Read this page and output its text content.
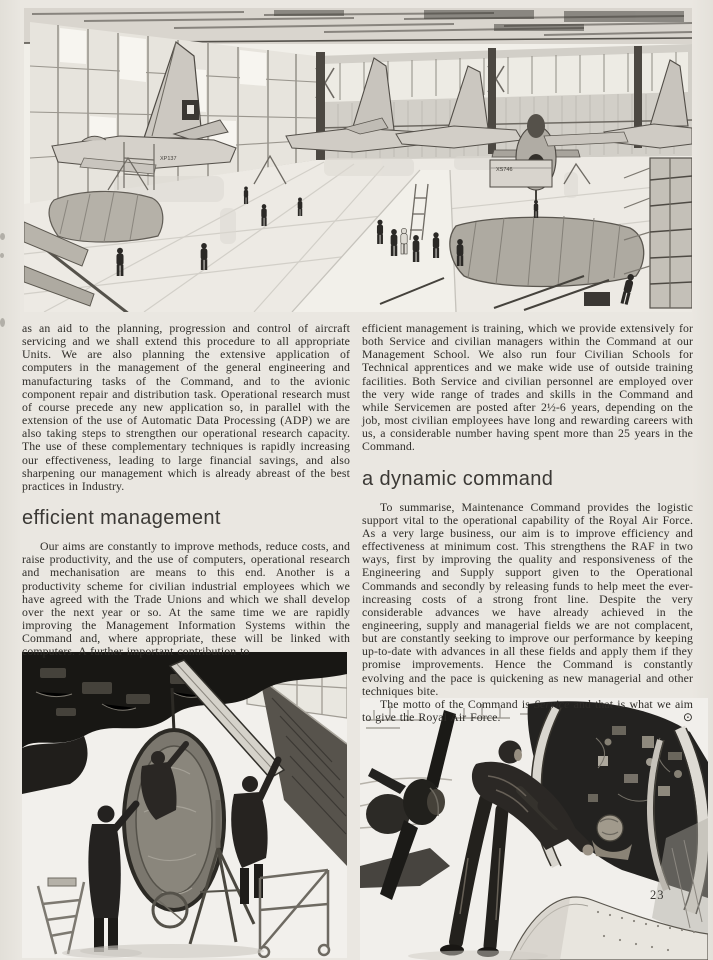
XP137
XS746

as an aid to the planning, progression and control of aircraft servicing and we shall extend this procedure to all appropriate Units. We are also planning the extensive application of computers in the management of the general engineering and manufacturing tasks of the Command, and to the avionic component repair and distribution task. Operational research must of course precede any new application so, in parallel with the extension of the use of Automatic Data Processing (ADP) we are also taking steps to strengthen our operational research capacity. The use of these complementary techniques is rapidly increasing our effectiveness, leading to large financial savings, and also sharpening our management which is already abreast of the best practices in Industry.

efficient management

Our aims are constantly to improve methods, reduce costs, and raise productivity, and the use of computers, operational research and mechanisation are means to this end. Another is a productivity scheme for civilian industrial employees which we have agreed with the Trade Unions and which we shall develop over the next year or so. At the same time we are rapidly improving the Management Information Systems within the Command and, where appropriate, these will be linked with computers. A further important contribution to

efficient management is training, which we provide extensively for both Service and civilian managers within the Command at our Management School. We also run four Civilian Schools for Technical apprentices and we make wide use of outside training facilities. Both Service and civilian personnel are employed over the very wide range of trades and skills in the Command and while Servicemen are posted after 2½-6 years, depending on the job, most civilian employees have long and rewarding careers with us, a considerable number having spent more than 25 years in the Command.

a dynamic command

To summarise, Maintenance Command provides the logistic support vital to the operational capability of the Royal Air Force. As a very large business, our aim is to improve efficiency and effectiveness at minimum cost. This strengthens the RAF in two ways, first by improving the quality and responsiveness of the Engineering and Supply support given to the Operational Commands and secondly by releasing funds to help meet the ever-increasing costs of a strong front line. Despite the very considerable advances we have already achieved in the engineering, supply and managerial fields we are not complacent, but are constantly seeking to improve our performance by keeping up-to-date with advances in all these fields and apply them if they promise improvements. Hence the Command is constantly evolving and the pace is quickening as new managerial and other techniques bite.

The motto of the Command is Service and that is what we aim to give the Royal Air Force.	⊙

23
